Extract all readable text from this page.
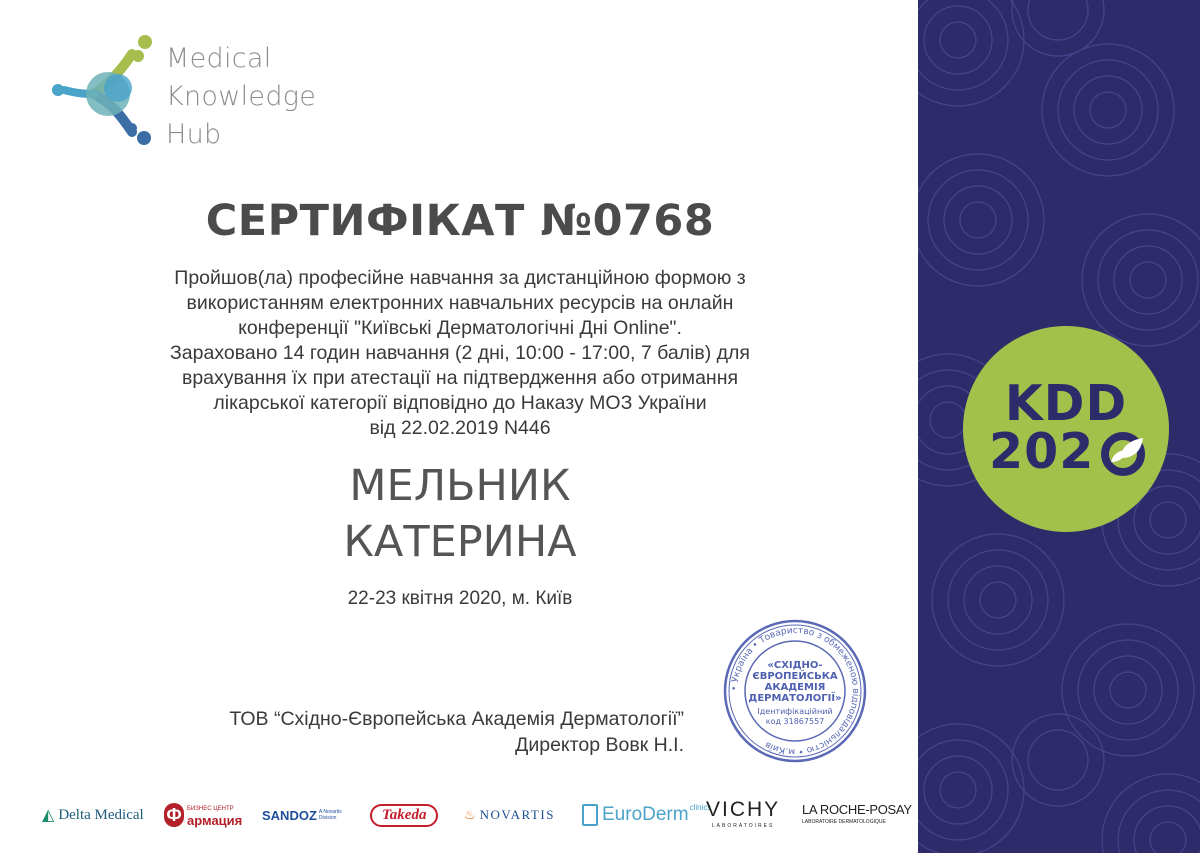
Medical
Knowledge
Hub
СЕРТИФІКАТ №0768
Пройшов(ла) професійне навчання за дистанційною формою з
використанням електронних навчальних ресурсів на онлайн
конференції "Київські Дерматологічні Дні Online".
Зараховано 14 годин навчання (2 дні, 10:00 - 17:00, 7 балів) для
врахування їх при атестації на підтвердження або отримання
лікарської категорії відповідно до Наказу МОЗ України
від 22.02.2019 N446
МЕЛЬНИК
КАТЕРИНА
22-23 квітня 2020, м. Київ
ТОВ “Східно-Європейська Академія Дерматології”
Директор Вовк Н.І.
• Україна • Товариство з обмеженою відповідальністю • м.Київ
«СХІДНО-
ЄВРОПЕЙСЬКА
АКАДЕМІЯ
ДЕРМАТОЛОГІЇ»
Ідентифікаційний
код 31867557
◭ Delta Medical Ф БИЗНЕС ЦЕНТР
армация SANDOZ A Novartis Division	Takeda	♨ NOVARTIS EuroDerm clinics
VICHY
LABORATOIRES
LA ROCHE-POSAY
LABORATOIRE DERMATOLOGIQUE
KDD
202
